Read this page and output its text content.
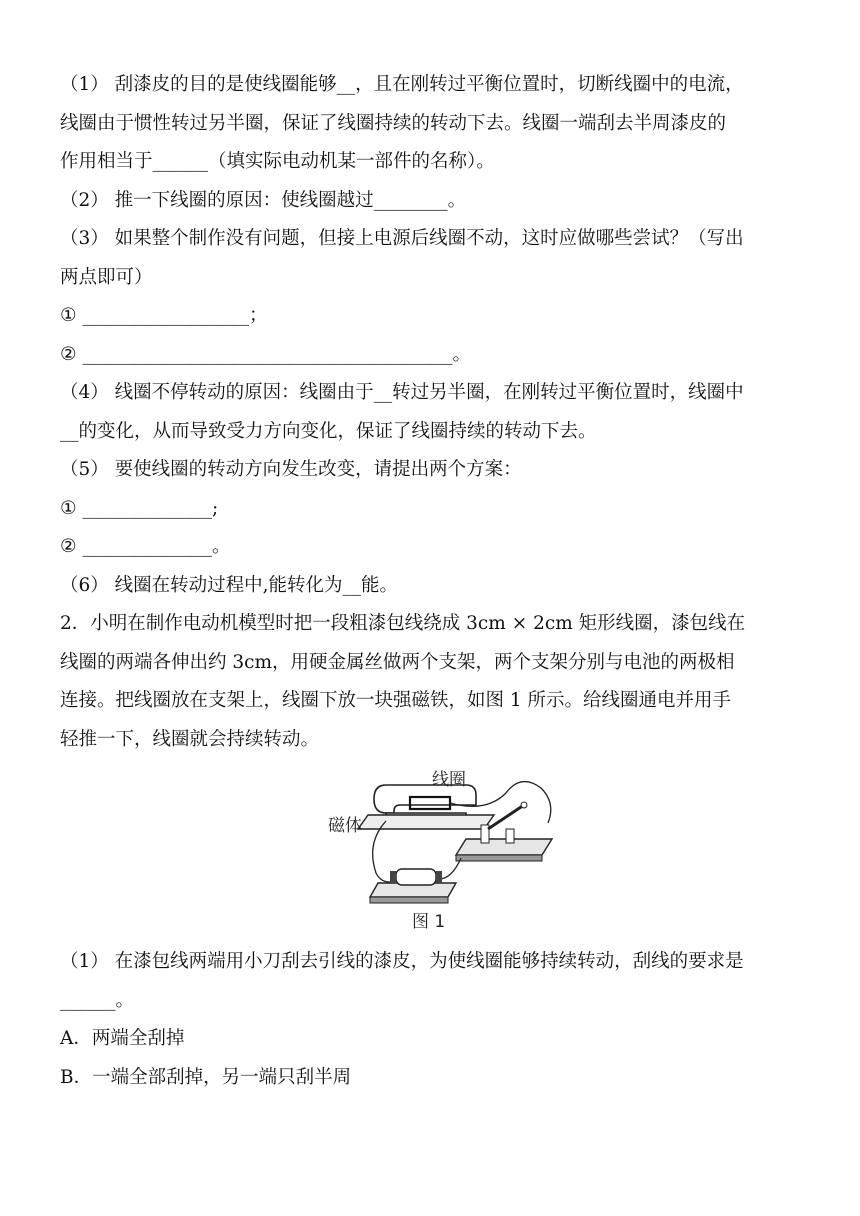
（1） 刮漆皮的目的是使线圈能够__，且在刚转过平衡位置时，切断线圈中的电流，
线圈由于惯性转过另半圈，保证了线圈持续的转动下去。线圈一端刮去半周漆皮的
作用相当于______（填实际电动机某一部件的名称）。
（2） 推一下线圈的原因：使线圈越过________。
（3） 如果整个制作没有问题，但接上电源后线圈不动，这时应做哪些尝试？（写出
两点即可）
① __________________；
② ________________________________________。
（4） 线圈不停转动的原因：线圈由于__转过另半圈，在刚转过平衡位置时，线圈中
__的变化，从而导致受力方向变化，保证了线圈持续的转动下去。
（5） 要使线圈的转动方向发生改变，请提出两个方案：
① ______________;
② ______________。
（6） 线圈在转动过程中,能转化为__能。
2．小明在制作电动机模型时把一段粗漆包线绕成 3cm × 2cm 矩形线圈，漆包线在
线圈的两端各伸出约 3cm，用硬金属丝做两个支架，两个支架分别与电池的两极相
连接。把线圈放在支架上，线圈下放一块强磁铁，如图 1 所示。给线圈通电并用手
轻推一下，线圈就会持续转动。
线圈
磁体
图 1
（1） 在漆包线两端用小刀刮去引线的漆皮，为使线圈能够持续转动，刮线的要求是
______。
A．两端全刮掉
B．一端全部刮掉，另一端只刮半周
